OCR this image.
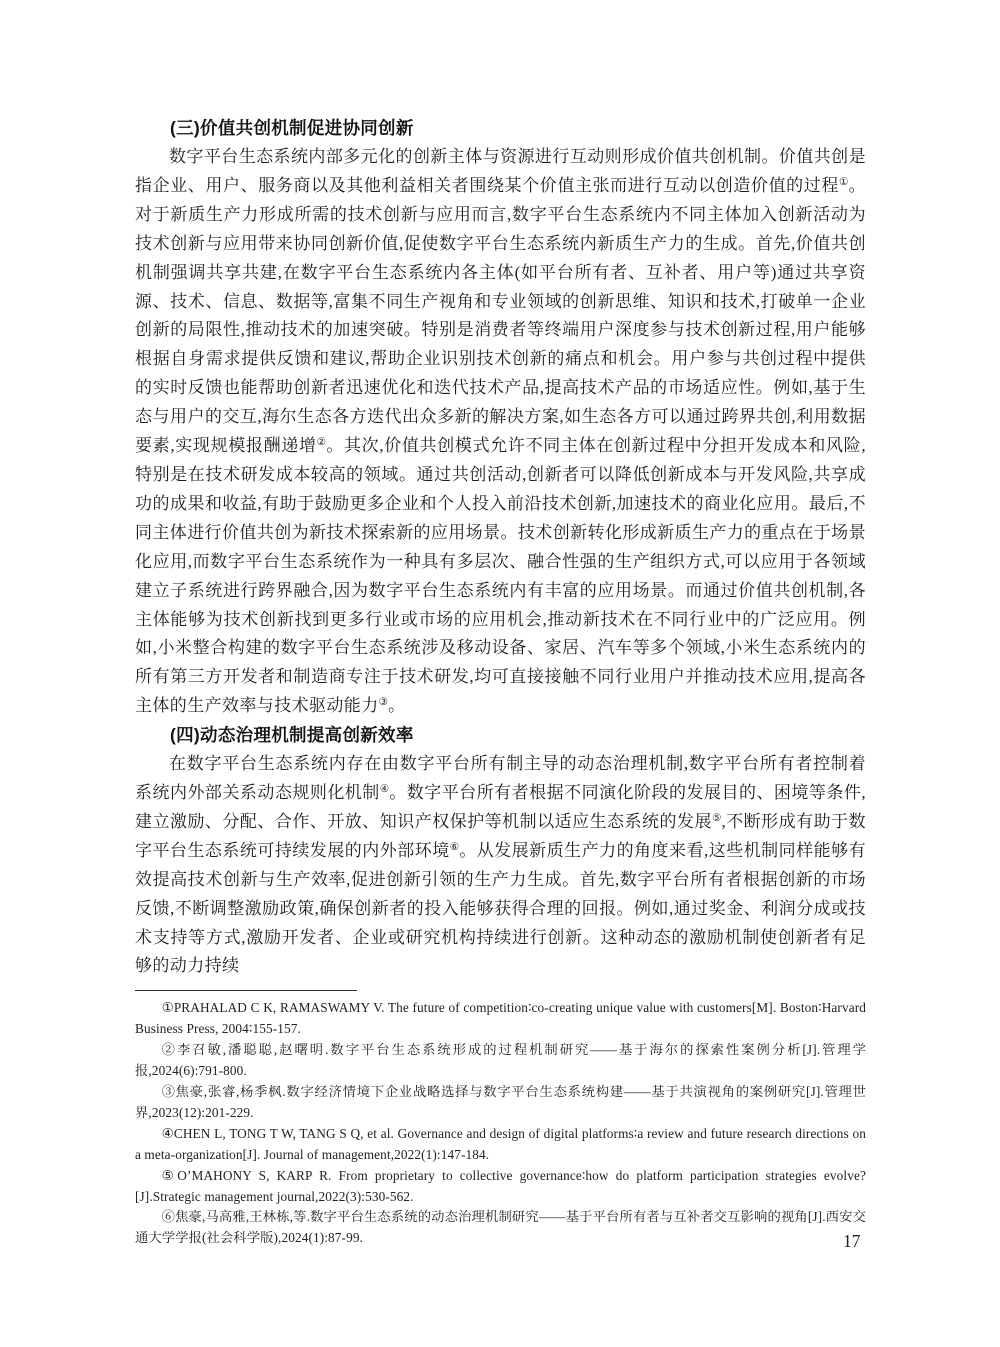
(三)价值共创机制促进协同创新

数字平台生态系统内部多元化的创新主体与资源进行互动则形成价值共创机制。价值共创是指企业、用户、服务商以及其他利益相关者围绕某个价值主张而进行互动以创造价值的过程①。对于新质生产力形成所需的技术创新与应用而言,数字平台生态系统内不同主体加入创新活动为技术创新与应用带来协同创新价值,促使数字平台生态系统内新质生产力的生成。首先,价值共创机制强调共享共建,在数字平台生态系统内各主体(如平台所有者、互补者、用户等)通过共享资源、技术、信息、数据等,富集不同生产视角和专业领域的创新思维、知识和技术,打破单一企业创新的局限性,推动技术的加速突破。特别是消费者等终端用户深度参与技术创新过程,用户能够根据自身需求提供反馈和建议,帮助企业识别技术创新的痛点和机会。用户参与共创过程中提供的实时反馈也能帮助创新者迅速优化和迭代技术产品,提高技术产品的市场适应性。例如,基于生态与用户的交互,海尔生态各方迭代出众多新的解决方案,如生态各方可以通过跨界共创,利用数据要素,实现规模报酬递增②。其次,价值共创模式允许不同主体在创新过程中分担开发成本和风险,特别是在技术研发成本较高的领域。通过共创活动,创新者可以降低创新成本与开发风险,共享成功的成果和收益,有助于鼓励更多企业和个人投入前沿技术创新,加速技术的商业化应用。最后,不同主体进行价值共创为新技术探索新的应用场景。技术创新转化形成新质生产力的重点在于场景化应用,而数字平台生态系统作为一种具有多层次、融合性强的生产组织方式,可以应用于各领域建立子系统进行跨界融合,因为数字平台生态系统内有丰富的应用场景。而通过价值共创机制,各主体能够为技术创新找到更多行业或市场的应用机会,推动新技术在不同行业中的广泛应用。例如,小米整合构建的数字平台生态系统涉及移动设备、家居、汽车等多个领域,小米生态系统内的所有第三方开发者和制造商专注于技术研发,均可直接接触不同行业用户并推动技术应用,提高各主体的生产效率与技术驱动能力③。

(四)动态治理机制提高创新效率

在数字平台生态系统内存在由数字平台所有制主导的动态治理机制,数字平台所有者控制着系统内外部关系动态规则化机制④。数字平台所有者根据不同演化阶段的发展目的、困境等条件,建立激励、分配、合作、开放、知识产权保护等机制以适应生态系统的发展⑤,不断形成有助于数字平台生态系统可持续发展的内外部环境⑥。从发展新质生产力的角度来看,这些机制同样能够有效提高技术创新与生产效率,促进创新引领的生产力生成。首先,数字平台所有者根据创新的市场反馈,不断调整激励政策,确保创新者的投入能够获得合理的回报。例如,通过奖金、利润分成或技术支持等方式,激励开发者、企业或研究机构持续进行创新。这种动态的激励机制使创新者有足够的动力持续

①PRAHALAD C K, RAMASWAMY V. The future of competition∶co-creating unique value with customers[M]. Boston∶Harvard Business Press, 2004∶155-157.

②李召敏,潘聪聪,赵曙明.数字平台生态系统形成的过程机制研究——基于海尔的探索性案例分析[J].管理学报,2024(6):791-800.

③焦豪,张睿,杨季枫.数字经济情境下企业战略选择与数字平台生态系统构建——基于共演视角的案例研究[J].管理世界,2023(12):201-229.

④CHEN L, TONG T W, TANG S Q, et al. Governance and design of digital platforms∶a review and future research directions on a meta-organization[J]. Journal of management,2022(1):147-184.

⑤O’MAHONY S, KARP R. From proprietary to collective governance∶how do platform participation strategies evolve?[J].Strategic management journal,2022(3):530-562.

⑥焦豪,马高雅,王林栋,等.数字平台生态系统的动态治理机制研究——基于平台所有者与互补者交互影响的视角[J].西安交通大学学报(社会科学版),2024(1):87-99.	17
